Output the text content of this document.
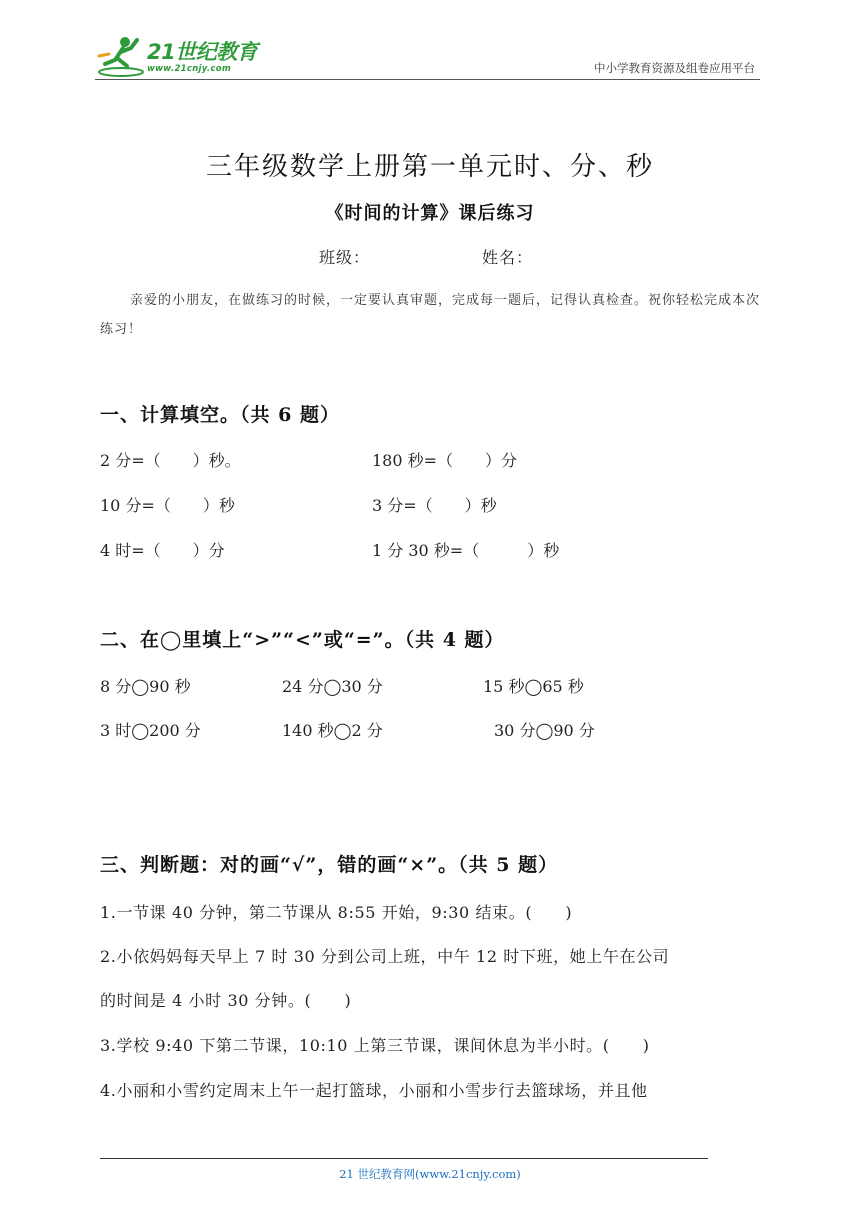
21世纪教育
www.21cnjy.com	中小学教育资源及组卷应用平台
三年级数学上册第一单元时、分、秒
《时间的计算》课后练习
班级：	姓名：
亲爱的小朋友，在做练习的时候，一定要认真审题，完成每一题后，记得认真检查。祝你轻松完成本次练习！
一、计算填空。（共 6 题）
2 分=（　　）秒。	180 秒=（　　）分
10 分=（　　）秒	3 分=（　　）秒
4 时=（　　）分	1 分 30 秒=（　　　）秒
二、在◯里填上“>”“<”或“=”。（共 4 题）
8 分◯90 秒	24 分◯30 分	15 秒◯65 秒
3 时◯200 分	140 秒◯2 分	30 分◯90 分
三、判断题：对的画“√”，错的画“×”。（共 5 题）
1.一节课 40 分钟，第二节课从 8:55 开始，9:30 结束。(　　)
2.小依妈妈每天早上 7 时 30 分到公司上班，中午 12 时下班，她上午在公司
的时间是 4 小时 30 分钟。(　　)
3.学校 9:40 下第二节课，10:10 上第三节课，课间休息为半小时。(　　)
4.小丽和小雪约定周末上午一起打篮球，小丽和小雪步行去篮球场，并且他
21 世纪教育网(www.21cnjy.com)
